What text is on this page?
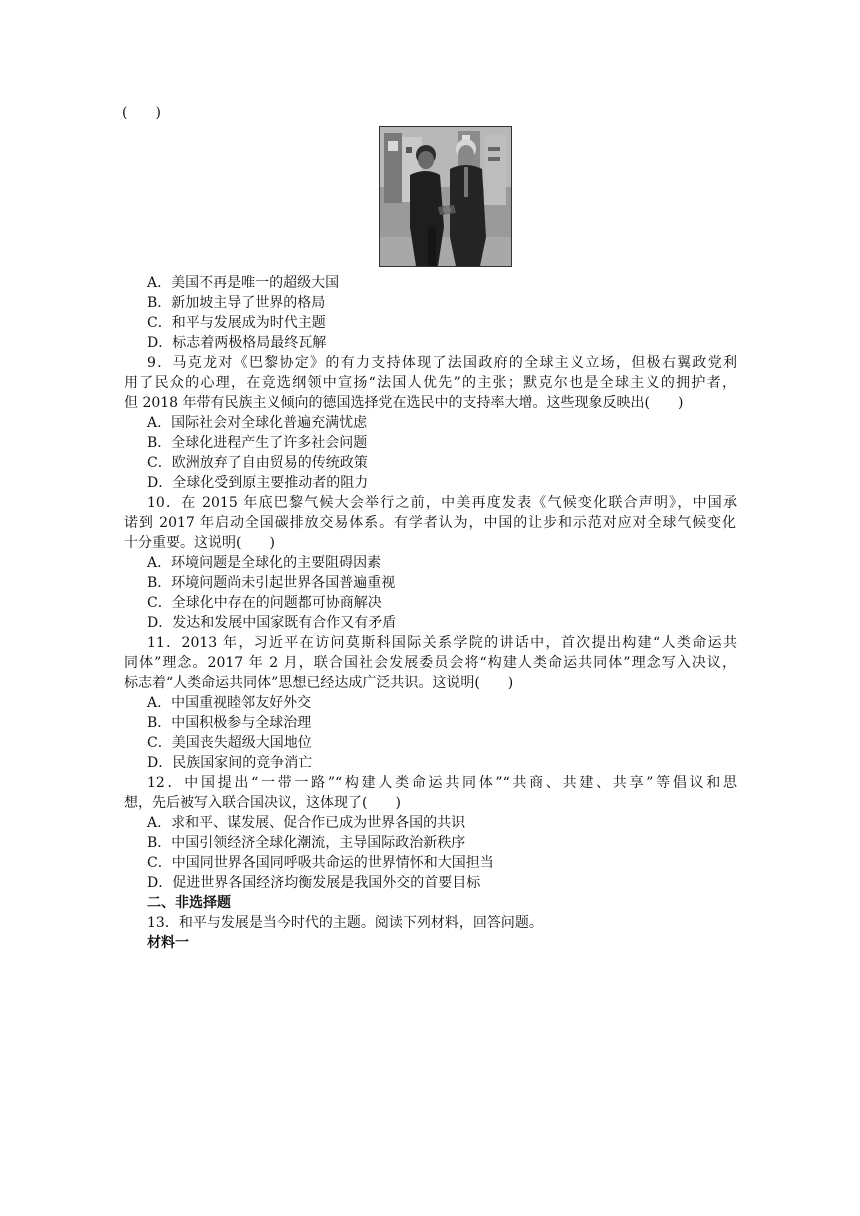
(　　)
A．美国不再是唯一的超级大国
B．新加坡主导了世界的格局
C．和平与发展成为时代主题
D．标志着两极格局最终瓦解
9．马克龙对《巴黎协定》的有力支持体现了法国政府的全球主义立场，但极右翼政党利
用了民众的心理，在竞选纲领中宣扬“法国人优先”的主张；默克尔也是全球主义的拥护者，
但 2018 年带有民族主义倾向的德国选择党在选民中的支持率大增。这些现象反映出(　　)
A．国际社会对全球化普遍充满忧虑
B．全球化进程产生了许多社会问题
C．欧洲放弃了自由贸易的传统政策
D．全球化受到原主要推动者的阻力
10．在 2015 年底巴黎气候大会举行之前，中美再度发表《气候变化联合声明》，中国承
诺到 2017 年启动全国碳排放交易体系。有学者认为，中国的让步和示范对应对全球气候变化
十分重要。这说明(　　)
A．环境问题是全球化的主要阻碍因素
B．环境问题尚未引起世界各国普遍重视
C．全球化中存在的问题都可协商解决
D．发达和发展中国家既有合作又有矛盾
11．2013 年，习近平在访问莫斯科国际关系学院的讲话中，首次提出构建“人类命运共
同体”理念。2017 年 2 月，联合国社会发展委员会将“构建人类命运共同体”理念写入决议，
标志着“人类命运共同体”思想已经达成广泛共识。这说明(　　)
A．中国重视睦邻友好外交
B．中国积极参与全球治理
C．美国丧失超级大国地位
D．民族国家间的竞争消亡
12．中国提出“一带一路”“构建人类命运共同体”“共商、共建、共享”等倡议和思
想，先后被写入联合国决议，这体现了(　　)
A．求和平、谋发展、促合作已成为世界各国的共识
B．中国引领经济全球化潮流，主导国际政治新秩序
C．中国同世界各国同呼吸共命运的世界情怀和大国担当
D．促进世界各国经济均衡发展是我国外交的首要目标
二、非选择题
13．和平与发展是当今时代的主题。阅读下列材料，回答问题。
材料一
